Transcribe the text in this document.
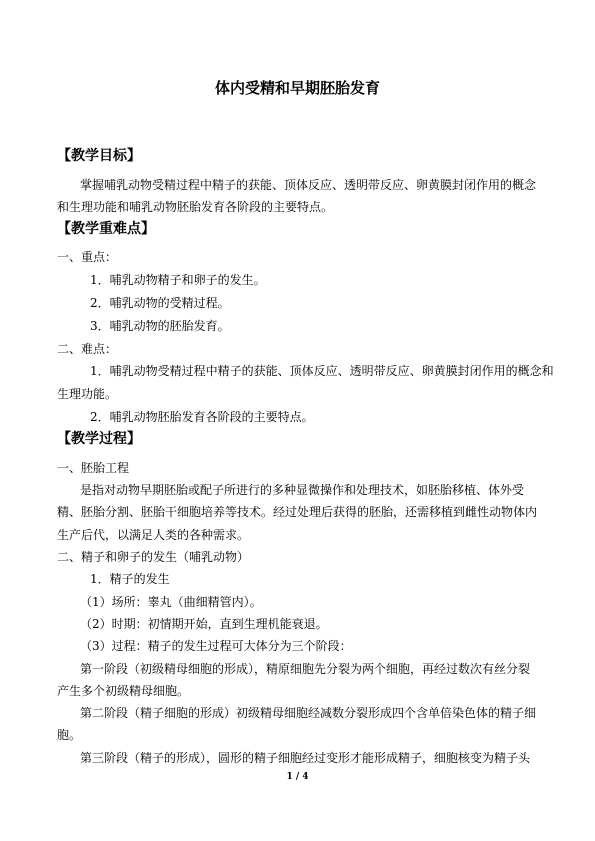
体内受精和早期胚胎发育
【教学目标】
掌握哺乳动物受精过程中精子的获能、顶体反应、透明带反应、卵黄膜封闭作用的概念
和生理功能和哺乳动物胚胎发育各阶段的主要特点。
【教学重难点】
一、重点：
1．哺乳动物精子和卵子的发生。
2．哺乳动物的受精过程。
3．哺乳动物的胚胎发育。
二、难点：
1．哺乳动物受精过程中精子的获能、顶体反应、透明带反应、卵黄膜封闭作用的概念和
生理功能。
2．哺乳动物胚胎发育各阶段的主要特点。
【教学过程】
一、胚胎工程
是指对动物早期胚胎或配子所进行的多种显微操作和处理技术，如胚胎移植、体外受
精、胚胎分割、胚胎干细胞培养等技术。经过处理后获得的胚胎，还需移植到雌性动物体内
生产后代，以满足人类的各种需求。
二、精子和卵子的发生（哺乳动物）
1．精子的发生
（1）场所：睾丸（曲细精管内）。
（2）时期：初情期开始，直到生理机能衰退。
（3）过程：精子的发生过程可大体分为三个阶段：
第一阶段（初级精母细胞的形成），精原细胞先分裂为两个细胞，再经过数次有丝分裂
产生多个初级精母细胞。
第二阶段（精子细胞的形成）初级精母细胞经减数分裂形成四个含单倍染色体的精子细
胞。
第三阶段（精子的形成），圆形的精子细胞经过变形才能形成精子，细胞核变为精子头
1 / 4
